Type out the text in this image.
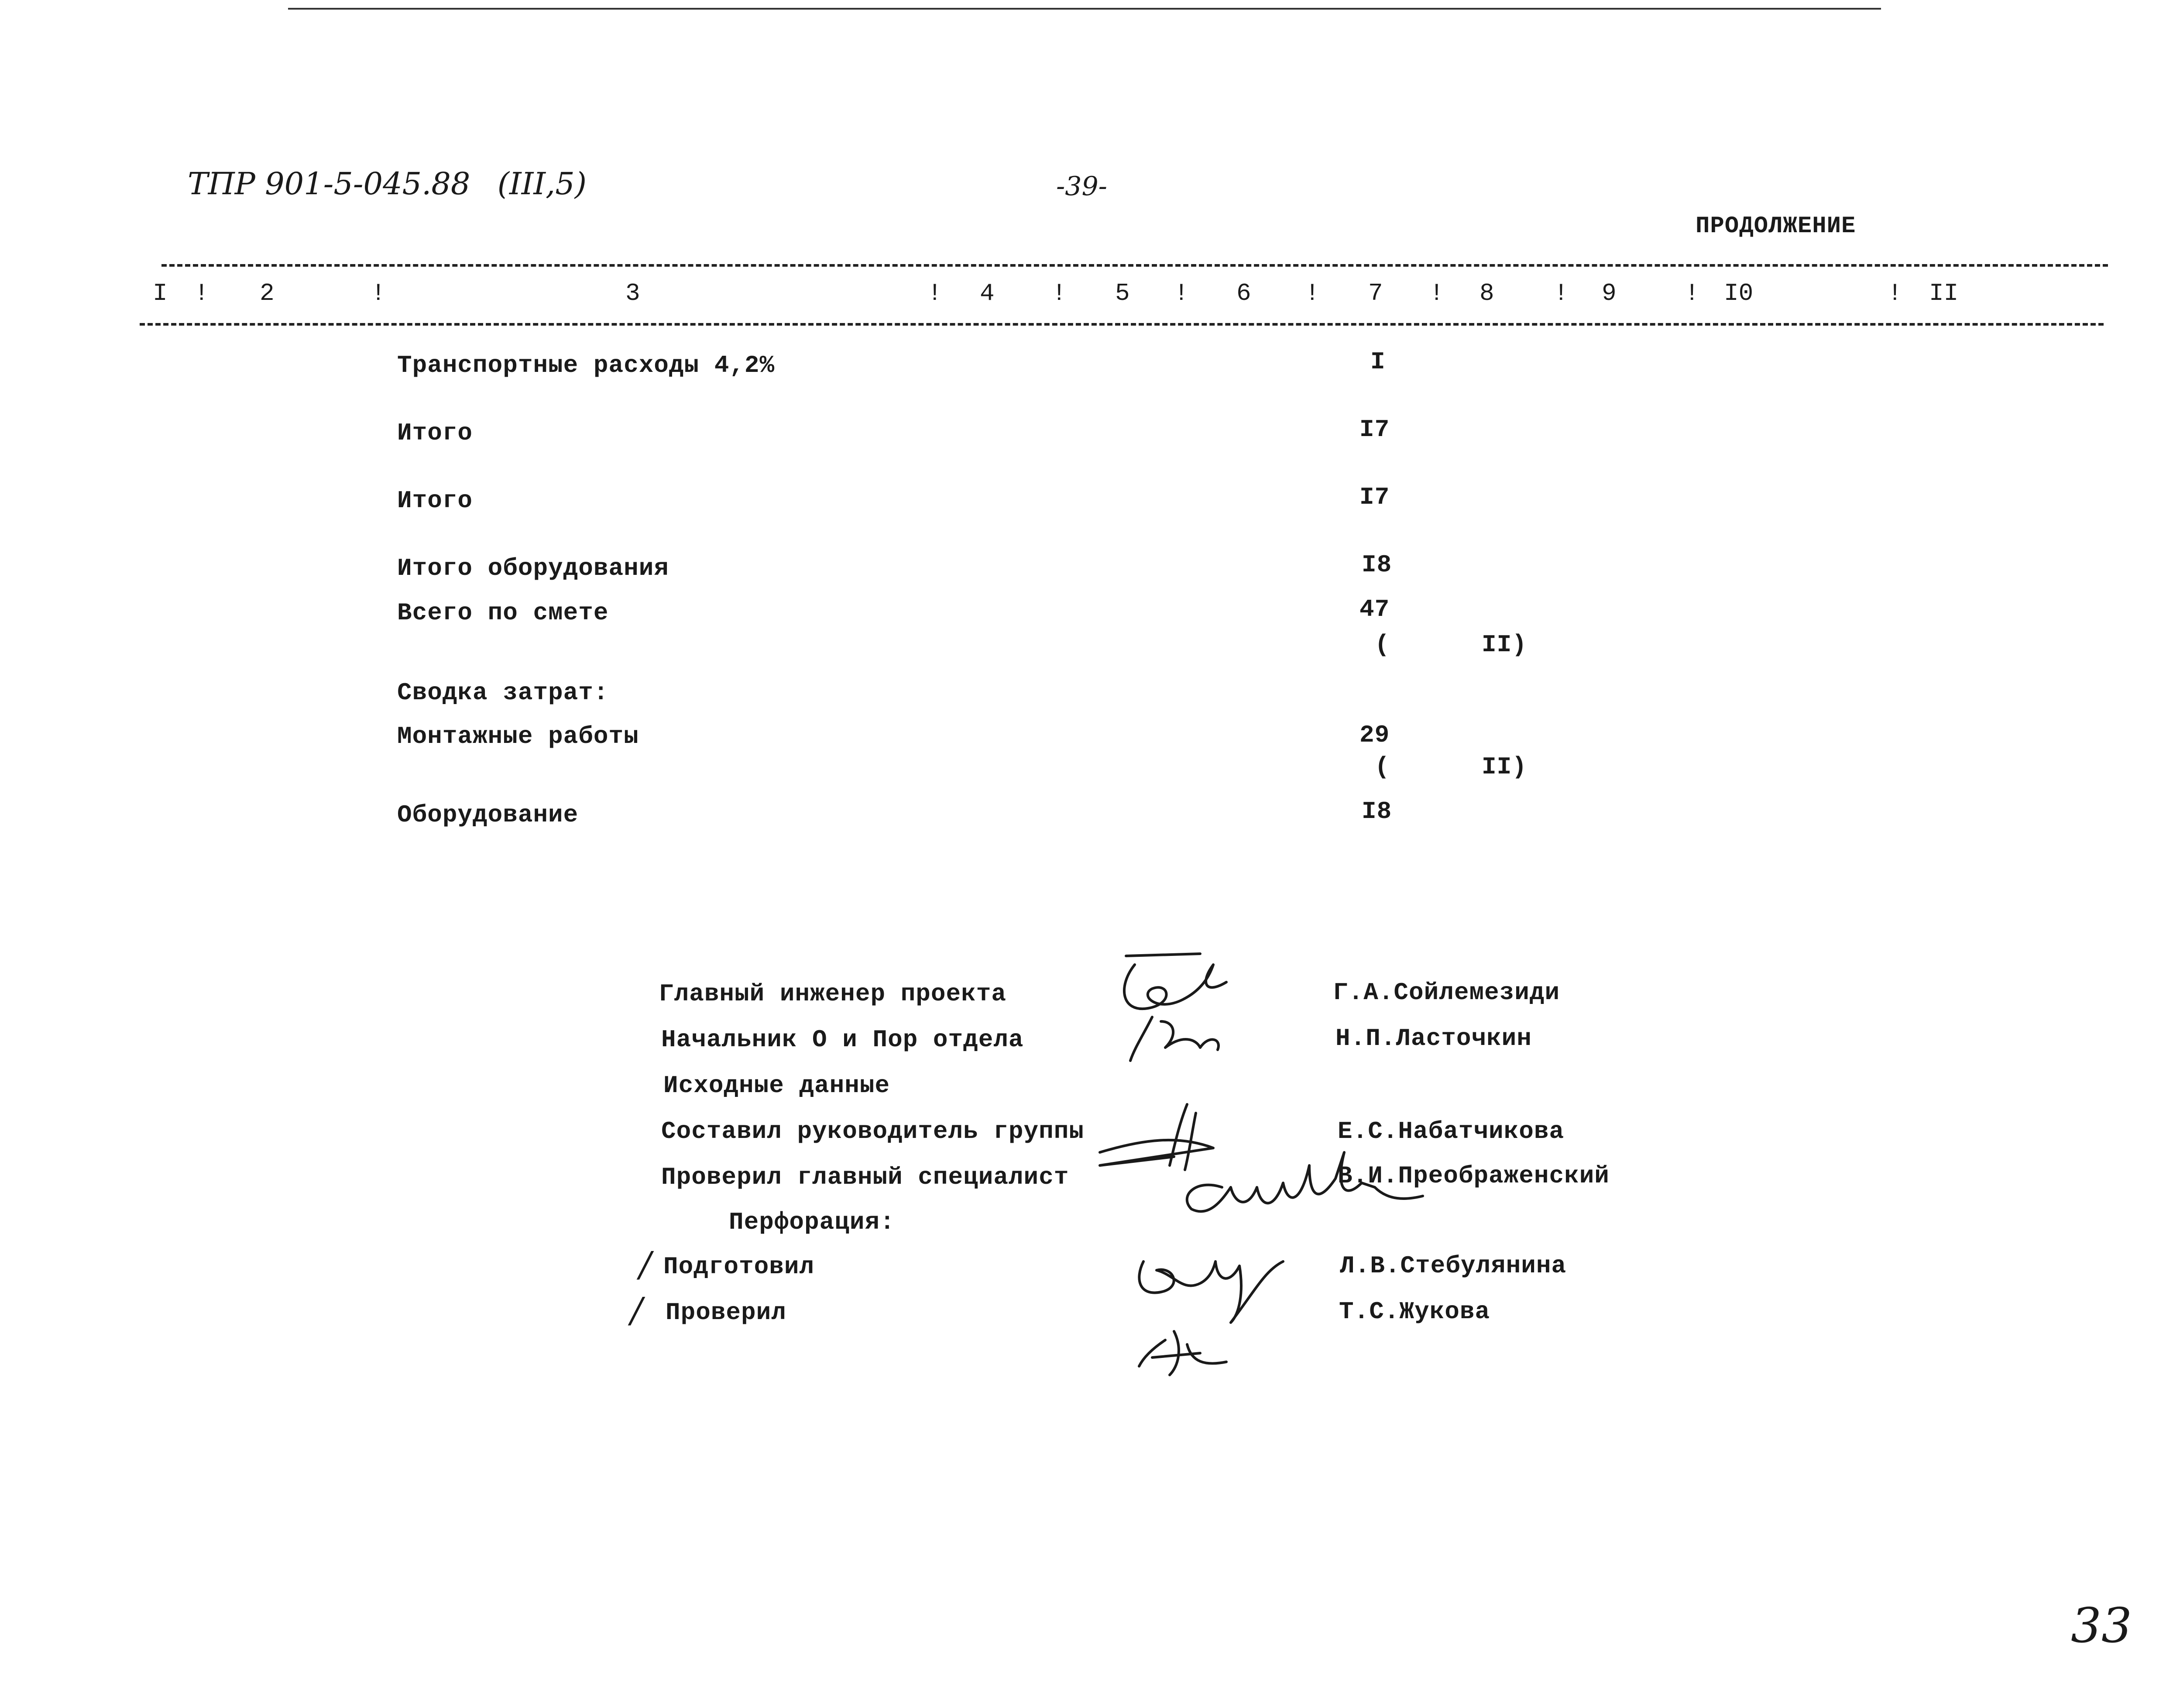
ТПР 901-5-045.88 (III,5)	-39-
ПРОДОЛЖЕНИЕ
I	2	3	4	5	6	7	8	9	I0	II
!	!	!	!	!	!	!	!	!	!
Транспортные расходы 4,2%	I
Итого	I7
Итого	I7
Итого оборудования	I8
Всего по смете	47
(	II)
Сводка затрат:
Монтажные работы	29
(	II)
Оборудование	I8
Главный инженер проекта	Г.А.Сойлемезиди
Начальник О и Пор отдела	Н.П.Ласточкин
Исходные данные
Составил руководитель группы	Е.С.Набатчикова
Проверил главный специалист	В.И.Преображенский
Перфорация:
/ Подготовил	Л.В.Стебулянина
/ Проверил	Т.С.Жукова
33
